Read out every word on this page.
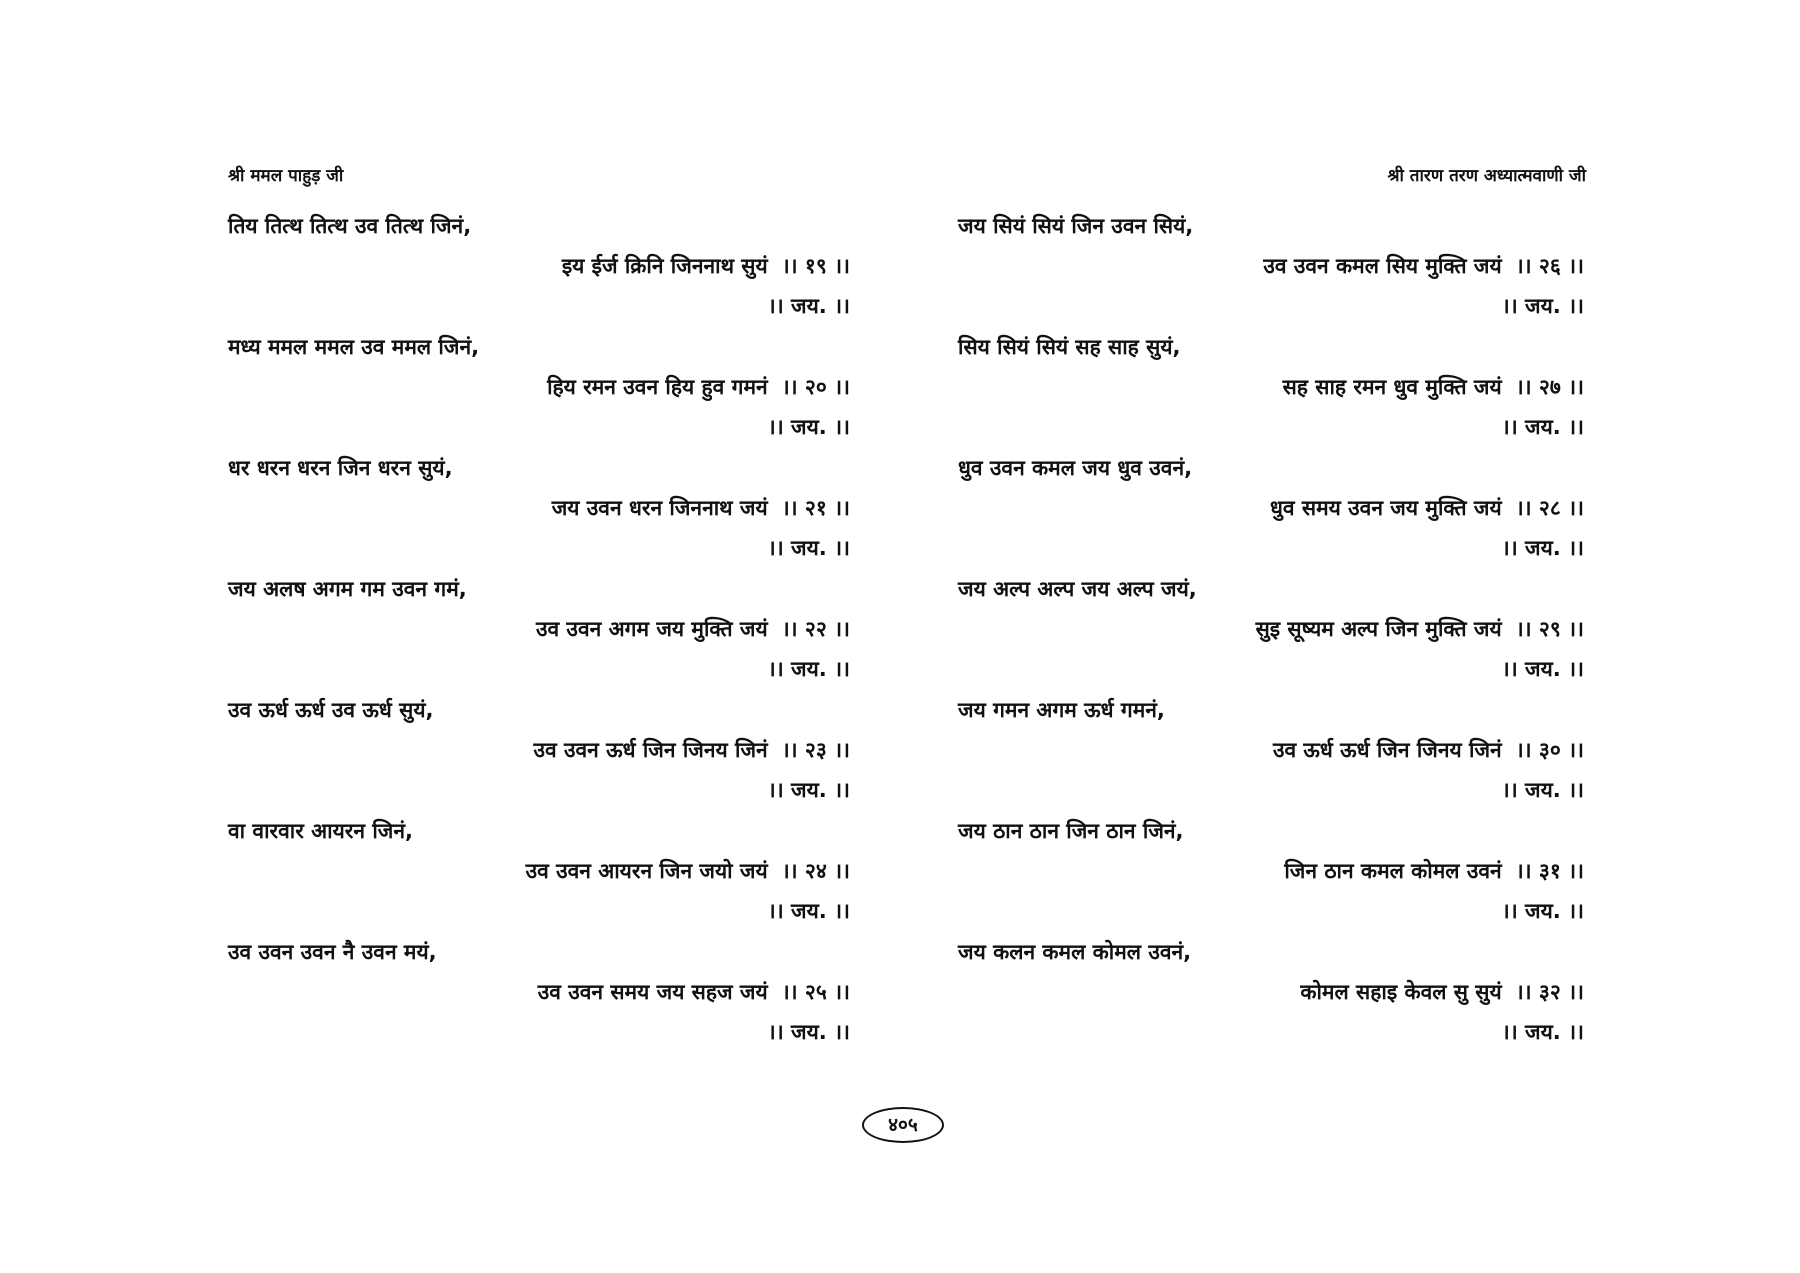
श्री ममल पाहुड़ जी	श्री तारण तरण अध्यात्मवाणी जी
तिय तित्थ तित्थ उव तित्थ जिनं,
इय ईर्ज क्रिनि जिननाथ सुयं ।। १९ ।।
।। जय. ।।
मध्य ममल ममल उव ममल जिनं,
हिय रमन उवन हिय हुव गमनं ।। २० ।।
।। जय. ।।
धर धरन धरन जिन धरन सुयं,
जय उवन धरन जिननाथ जयं ।। २१ ।।
।। जय. ।।
जय अलष अगम गम उवन गमं,
उव उवन अगम जय मुक्ति जयं ।। २२ ।।
।। जय. ।।
उव ऊर्ध ऊर्ध उव ऊर्ध सुयं,
उव उवन ऊर्ध जिन जिनय जिनं ।। २३ ।।
।। जय. ।।
वा वारवार आयरन जिनं,
उव उवन आयरन जिन जयो जयं ।। २४ ।।
।। जय. ।।
उव उवन उवन नै उवन मयं,
उव उवन समय जय सहज जयं ।। २५ ।।
।। जय. ।।
जय सियं सियं जिन उवन सियं,
उव उवन कमल सिय मुक्ति जयं ।। २६ ।।
।। जय. ।।
सिय सियं सियं सह साह सुयं,
सह साह रमन धुव मुक्ति जयं ।। २७ ।।
।। जय. ।।
धुव उवन कमल जय धुव उवनं,
धुव समय उवन जय मुक्ति जयं ।। २८ ।।
।। जय. ।।
जय अल्प अल्प जय अल्प जयं,
सुइ सूष्यम अल्प जिन मुक्ति जयं ।। २९ ।।
।। जय. ।।
जय गमन अगम ऊर्ध गमनं,
उव ऊर्ध ऊर्ध जिन जिनय जिनं ।। ३० ।।
।। जय. ।।
जय ठान ठान जिन ठान जिनं,
जिन ठान कमल कोमल उवनं ।। ३१ ।।
।। जय. ।।
जय कलन कमल कोमल उवनं,
कोमल सहाइ केवल सु सुयं ।। ३२ ।।
।। जय. ।।
४०५
